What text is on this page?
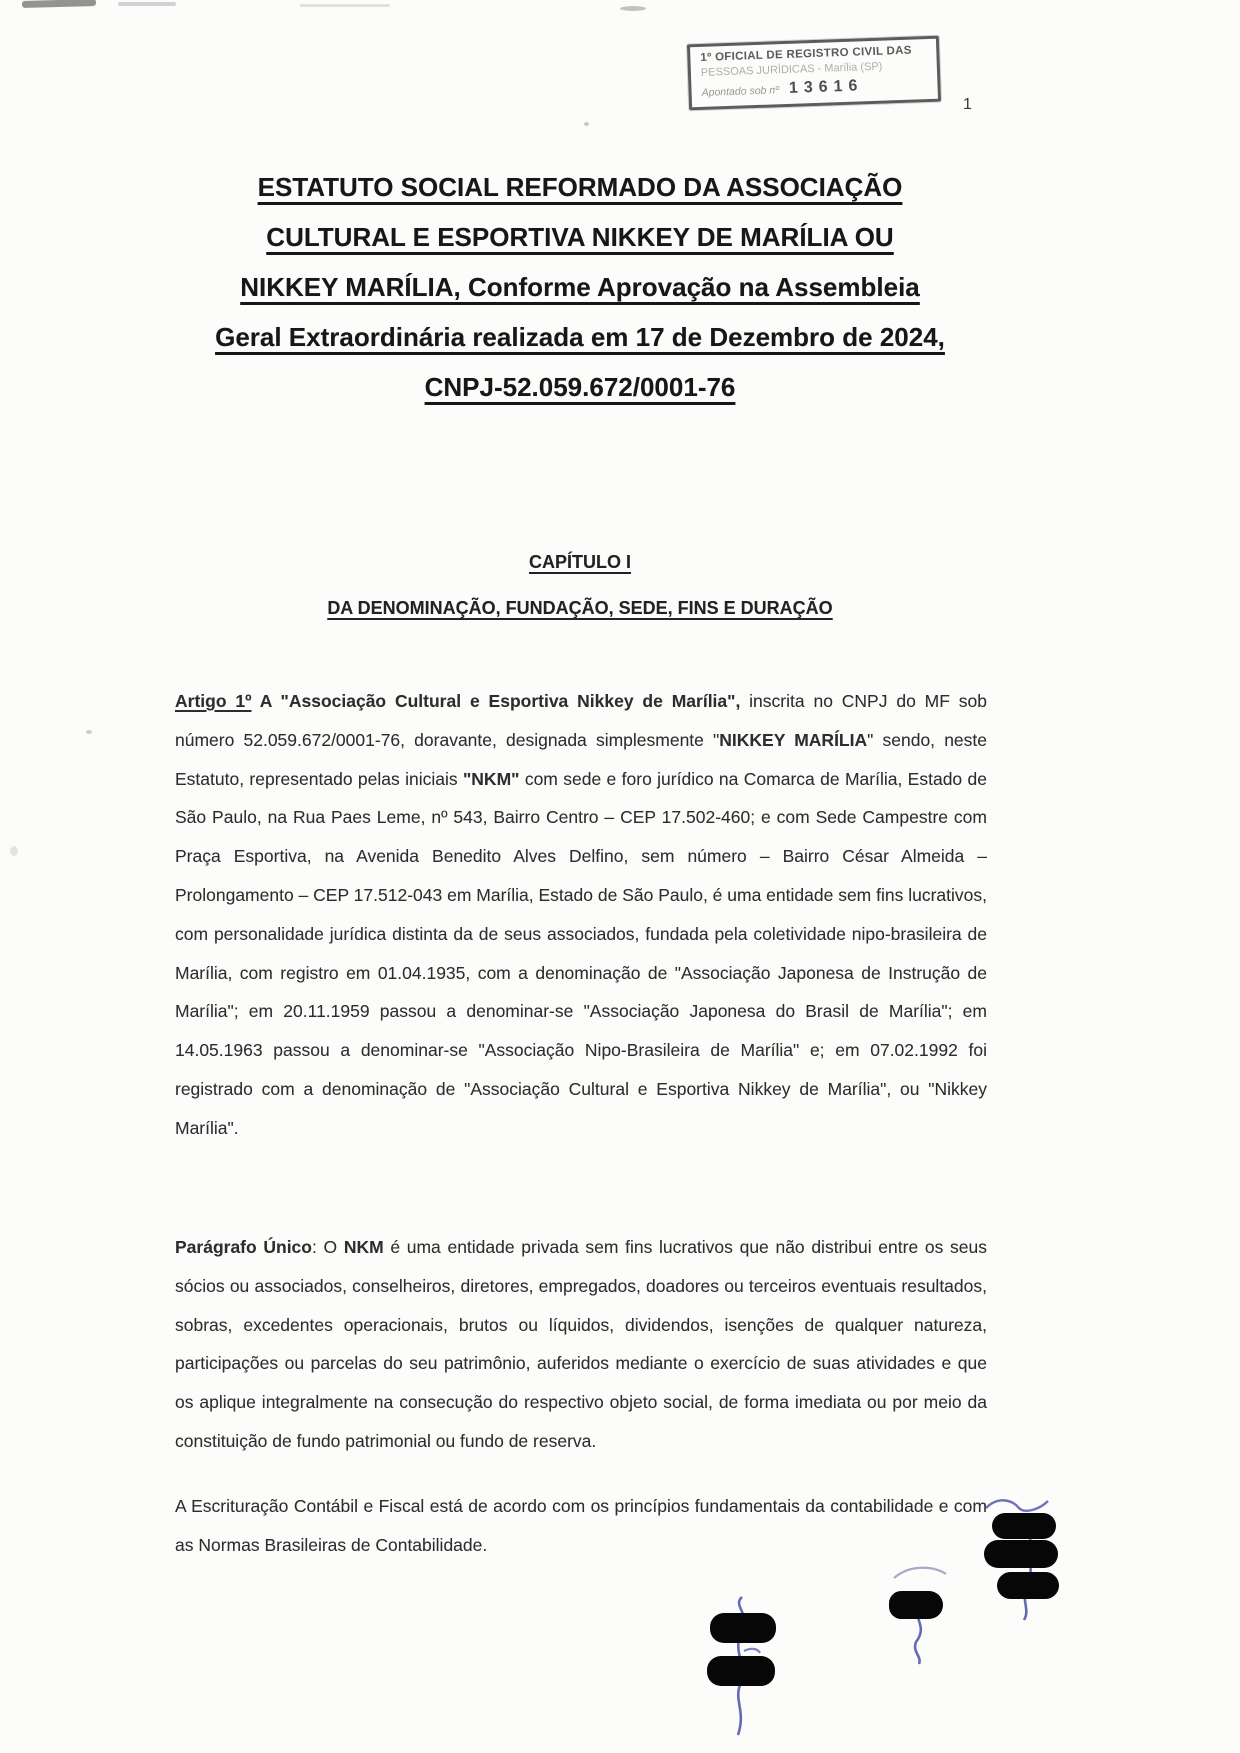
1º OFICIAL DE REGISTRO CIVIL DAS
PESSOAS JURÍDICAS - Marília (SP)
Apontado sob nº 13616
1
ESTATUTO SOCIAL REFORMADO DA ASSOCIAÇÃO
CULTURAL E ESPORTIVA NIKKEY DE MARÍLIA OU
NIKKEY MARÍLIA, Conforme Aprovação na Assembleia
Geral Extraordinária realizada em 17 de Dezembro de 2024,
CNPJ-52.059.672/0001-76
CAPÍTULO I
DA DENOMINAÇÃO, FUNDAÇÃO, SEDE, FINS E DURAÇÃO
Artigo 1º A "Associação Cultural e Esportiva Nikkey de Marília", inscrita no CNPJ do MF sob número 52.059.672/0001-76, doravante, designada simplesmente "NIKKEY MARÍLIA" sendo, neste Estatuto, representado pelas iniciais "NKM" com sede e foro jurídico na Comarca de Marília, Estado de São Paulo, na Rua Paes Leme, nº 543, Bairro Centro – CEP 17.502-460; e com Sede Campestre com Praça Esportiva, na Avenida Benedito Alves Delfino, sem número – Bairro César Almeida – Prolongamento – CEP 17.512-043 em Marília, Estado de São Paulo, é uma entidade sem fins lucrativos, com personalidade jurídica distinta da de seus associados, fundada pela coletividade nipo-brasileira de Marília, com registro em 01.04.1935, com a denominação de "Associação Japonesa de Instrução de Marília"; em 20.11.1959 passou a denominar-se "Associação Japonesa do Brasil de Marília"; em 14.05.1963 passou a denominar-se "Associação Nipo-Brasileira de Marília" e; em 07.02.1992 foi registrado com a denominação de "Associação Cultural e Esportiva Nikkey de Marília", ou "Nikkey Marília".
Parágrafo Único: O NKM é uma entidade privada sem fins lucrativos que não distribui entre os seus sócios ou associados, conselheiros, diretores, empregados, doadores ou terceiros eventuais resultados, sobras, excedentes operacionais, brutos ou líquidos, dividendos, isenções de qualquer natureza, participações ou parcelas do seu patrimônio, auferidos mediante o exercício de suas atividades e que os aplique integralmente na consecução do respectivo objeto social, de forma imediata ou por meio da constituição de fundo patrimonial ou fundo de reserva.
A Escrituração Contábil e Fiscal está de acordo com os princípios fundamentais da contabilidade e com as Normas Brasileiras de Contabilidade.
